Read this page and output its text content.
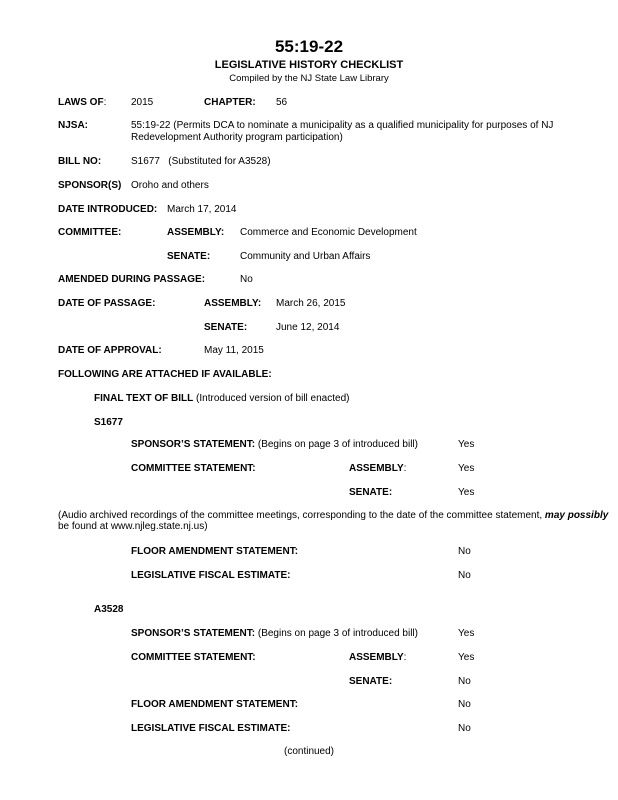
55:19-22
LEGISLATIVE HISTORY CHECKLIST
Compiled by the NJ State Law Library
LAWS OF: 2015	CHAPTER: 56
NJSA:	55:19-22 (Permits DCA to nominate a municipality as a qualified municipality for purposes of NJ
Redevelopment Authority program participation)
BILL NO:	S1677 (Substituted for A3528)
SPONSOR(S) Oroho and others
DATE INTRODUCED: March 17, 2014
COMMITTEE:	ASSEMBLY: Commerce and Economic Development
SENATE:	Community and Urban Affairs
AMENDED DURING PASSAGE:	No
DATE OF PASSAGE:	ASSEMBLY: March 26, 2015
SENATE:	June 12, 2014
DATE OF APPROVAL:	May 11, 2015
FOLLOWING ARE ATTACHED IF AVAILABLE:
FINAL TEXT OF BILL (Introduced version of bill enacted)
S1677
SPONSOR’S STATEMENT: (Begins on page 3 of introduced bill)	Yes
COMMITTEE STATEMENT:	ASSEMBLY:	Yes
SENATE:	Yes
(Audio archived recordings of the committee meetings, corresponding to the date of the committee statement, may possibly
be found at www.njleg.state.nj.us)
FLOOR AMENDMENT STATEMENT:	No
LEGISLATIVE FISCAL ESTIMATE:	No
A3528
SPONSOR’S STATEMENT: (Begins on page 3 of introduced bill)	Yes
COMMITTEE STATEMENT:	ASSEMBLY:	Yes
SENATE:	No
FLOOR AMENDMENT STATEMENT:	No
LEGISLATIVE FISCAL ESTIMATE:	No
(continued)
